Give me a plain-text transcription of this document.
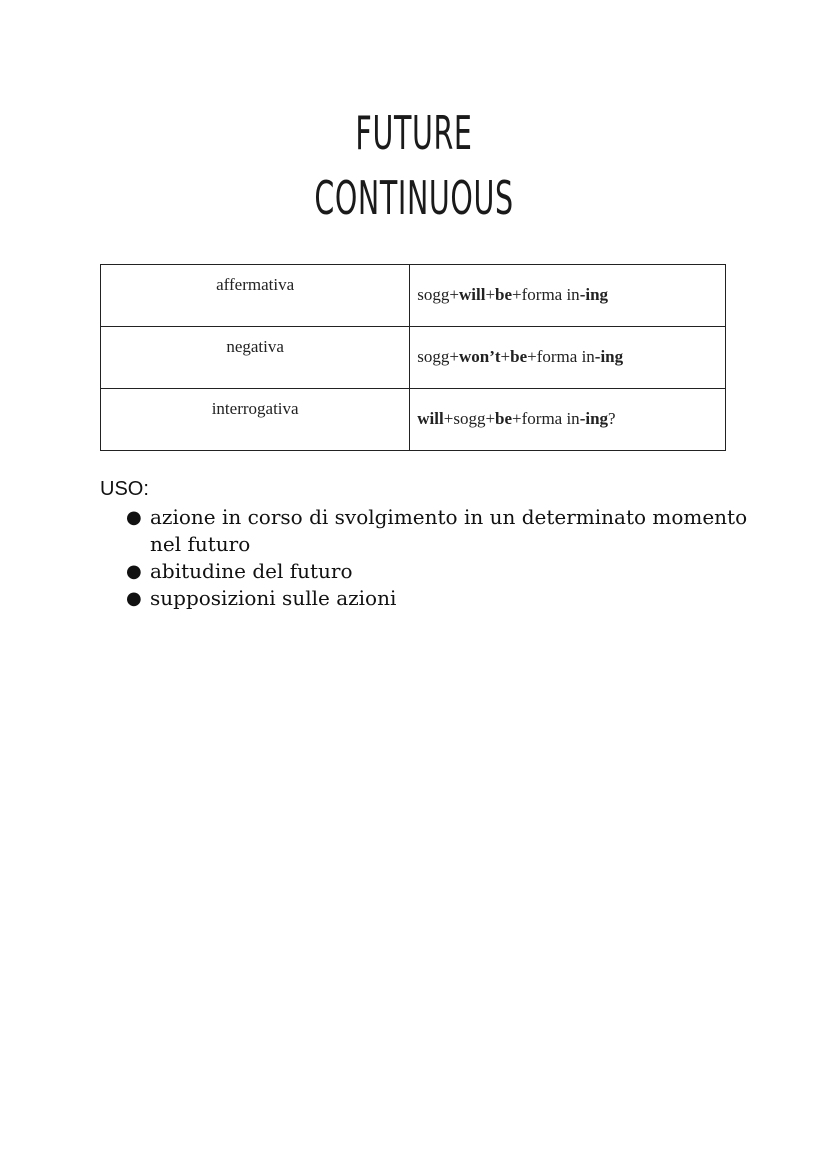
FUTURE
CONTINUOUS
affermativa	sogg+will+be+forma in-ing
negativa	sogg+won’t+be+forma in-ing
interrogativa	will+sogg+be+forma in-ing?
USO:
● azione in corso di svolgimento in un determinato momento nel futuro
● abitudine del futuro
● supposizioni sulle azioni
